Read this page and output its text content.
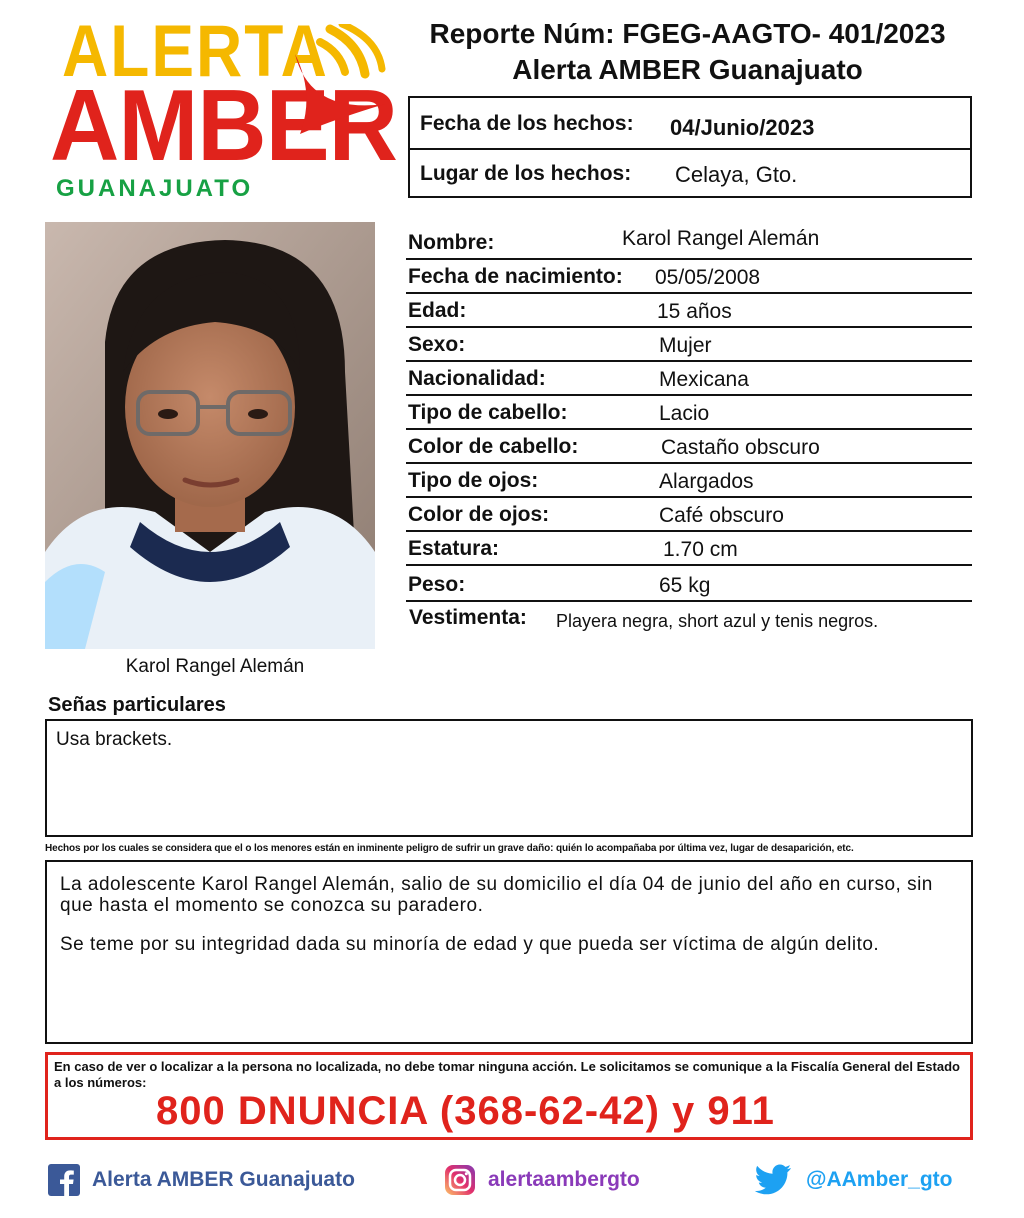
ALERTA
AMBER
GUANAJUATO
Reporte Núm: FGEG-AAGTO- 401/2023
Alerta AMBER Guanajuato
Fecha de los hechos: 04/Junio/2023
Lugar de los hechos: Celaya, Gto.
Karol Rangel Alemán
Nombre:	Karol Rangel Alemán
Fecha de nacimiento: 05/05/2008
Edad:	15 años
Sexo:	Mujer
Nacionalidad:	Mexicana
Tipo de cabello:	Lacio
Color de cabello:	Castaño obscuro
Tipo de ojos:	Alargados
Color de ojos:	Café obscuro
Estatura:	1.70 cm
Peso:	65 kg
Vestimenta: Playera negra, short azul y tenis negros.
Señas particulares
Usa brackets.
Hechos por los cuales se considera que el o los menores están en inminente peligro de sufrir un grave daño: quién lo acompañaba por última vez, lugar de desaparición, etc.
La adolescente Karol Rangel Alemán, salio de su domicilio el día 04 de junio del año en curso, sin que hasta el momento se conozca su paradero.
Se teme por su integridad dada su minoría de edad y que pueda ser víctima de algún delito.
En caso de ver o localizar a la persona no localizada, no debe tomar ninguna acción. Le solicitamos se comunique a la Fiscalía General del Estado a los números:
800 DNUNCIA (368-62-42) y 911
Alerta AMBER Guanajuato	alertaambergto	@AAmber_gto
